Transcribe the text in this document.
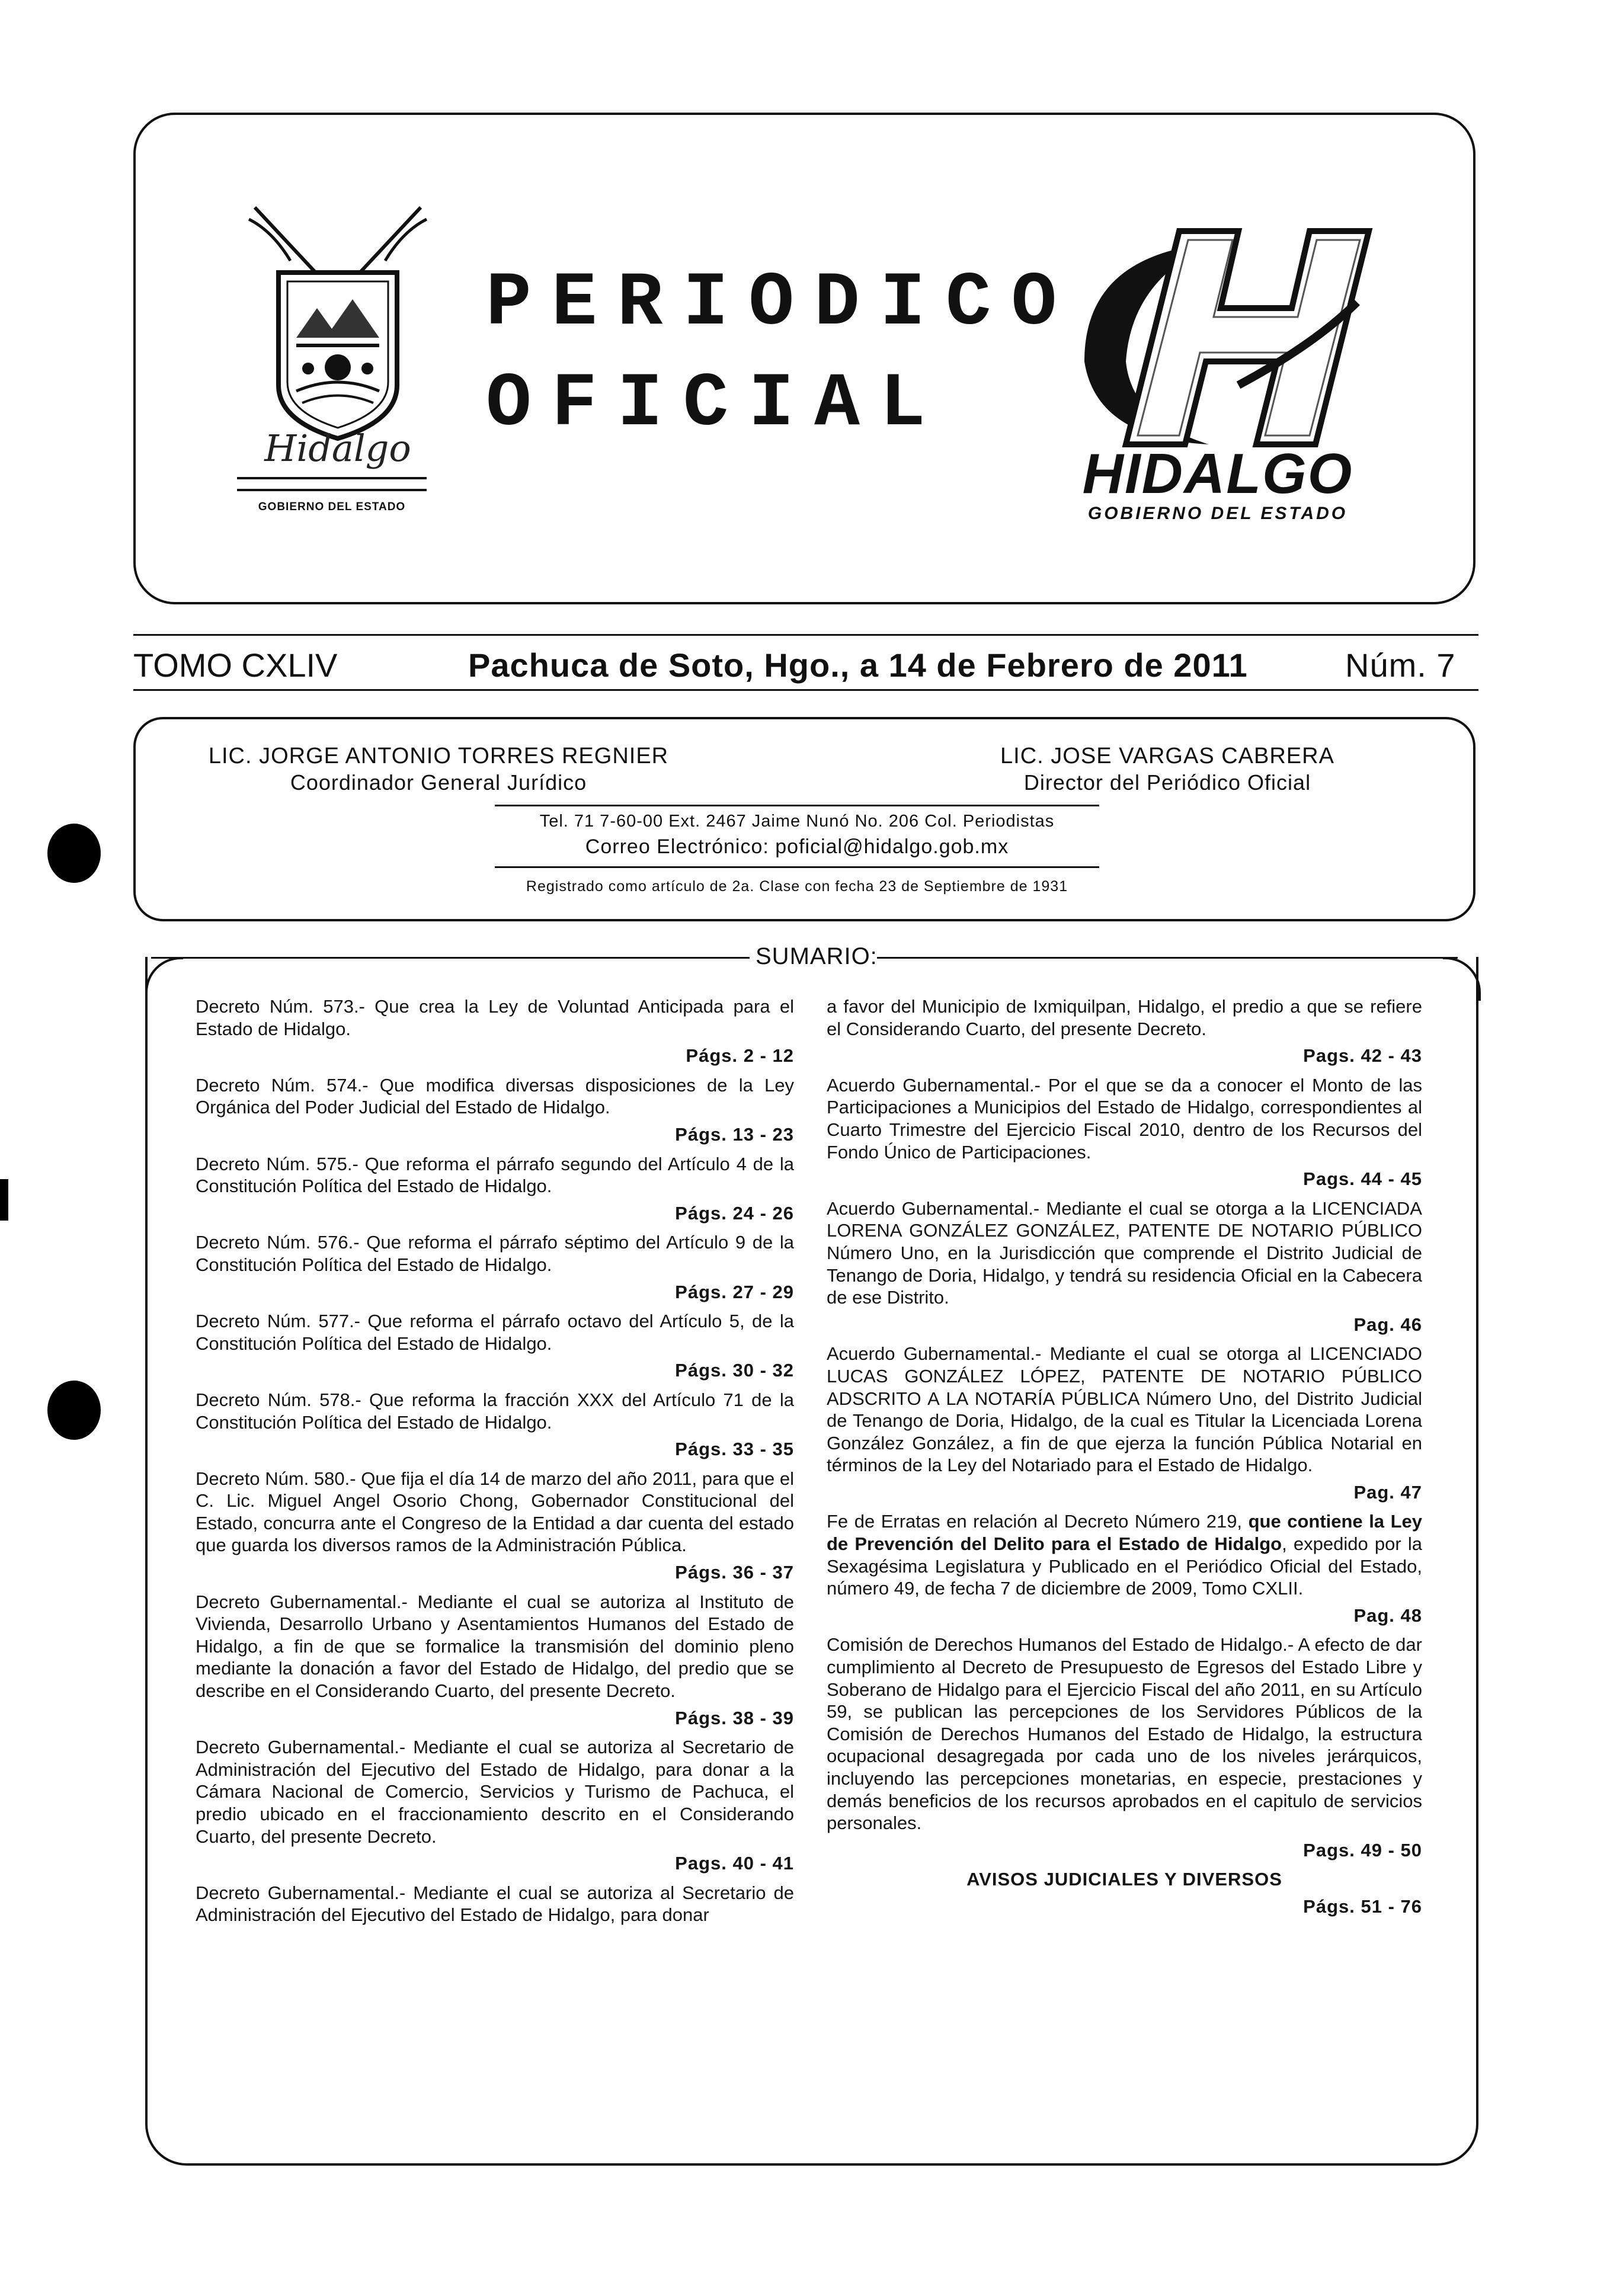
Hidalgo
GOBIERNO DEL ESTADO
PERIODICO
OFICIAL
HIDALGO
GOBIERNO DEL ESTADO
TOMO CXLIV	Pachuca de Soto, Hgo., a 14 de Febrero de 2011	Núm. 7
LIC. JORGE ANTONIO TORRES REGNIER
Coordinador General Jurídico
LIC. JOSE VARGAS CABRERA
Director del Periódico Oficial
Tel. 71 7-60-00 Ext. 2467 Jaime Nunó No. 206 Col. Periodistas
Correo Electrónico: poficial@hidalgo.gob.mx
Registrado como artículo de 2a. Clase con fecha 23 de Septiembre de 1931
SUMARIO:
Decreto Núm. 573.- Que crea la Ley de Voluntad Anticipada para el Estado de Hidalgo.
Págs. 2 - 12
Decreto Núm. 574.- Que modifica diversas disposiciones de la Ley Orgánica del Poder Judicial del Estado de Hidalgo.
Págs. 13 - 23
Decreto Núm. 575.- Que reforma el párrafo segundo del Artículo 4 de la Constitución Política del Estado de Hidalgo.
Págs. 24 - 26
Decreto Núm. 576.- Que reforma el párrafo séptimo del Artículo 9 de la Constitución Política del Estado de Hidalgo.
Págs. 27 - 29
Decreto Núm. 577.- Que reforma el párrafo octavo del Artículo 5, de la Constitución Política del Estado de Hidalgo.
Págs. 30 - 32
Decreto Núm. 578.- Que reforma la fracción XXX del Artículo 71 de la Constitución Política del Estado de Hidalgo.
Págs. 33 - 35
Decreto Núm. 580.- Que fija el día 14 de marzo del año 2011, para que el C. Lic. Miguel Angel Osorio Chong, Gobernador Constitucional del Estado, concurra ante el Congreso de la Entidad a dar cuenta del estado que guarda los diversos ramos de la Administración Pública.
Págs. 36 - 37
Decreto Gubernamental.- Mediante el cual se autoriza al Instituto de Vivienda, Desarrollo Urbano y Asentamientos Humanos del Estado de Hidalgo, a fin de que se formalice la transmisión del dominio pleno mediante la donación a favor del Estado de Hidalgo, del predio que se describe en el Considerando Cuarto, del presente Decreto.
Págs. 38 - 39
Decreto Gubernamental.- Mediante el cual se autoriza al Secretario de Administración del Ejecutivo del Estado de Hidalgo, para donar a la Cámara Nacional de Comercio, Servicios y Turismo de Pachuca, el predio ubicado en el fraccionamiento descrito en el Considerando Cuarto, del presente Decreto.
Pags. 40 - 41
Decreto Gubernamental.- Mediante el cual se autoriza al Secretario de Administración del Ejecutivo del Estado de Hidalgo, para donar
a favor del Municipio de Ixmiquilpan, Hidalgo, el predio a que se refiere el Considerando Cuarto, del presente Decreto.
Pags. 42 - 43
Acuerdo Gubernamental.- Por el que se da a conocer el Monto de las Participaciones a Municipios del Estado de Hidalgo, correspondientes al Cuarto Trimestre del Ejercicio Fiscal 2010, dentro de los Recursos del Fondo Único de Participaciones.
Pags. 44 - 45
Acuerdo Gubernamental.- Mediante el cual se otorga a la LICENCIADA LORENA GONZÁLEZ GONZÁLEZ, PATENTE DE NOTARIO PÚBLICO Número Uno, en la Jurisdicción que comprende el Distrito Judicial de Tenango de Doria, Hidalgo, y tendrá su residencia Oficial en la Cabecera de ese Distrito.
Pag. 46
Acuerdo Gubernamental.- Mediante el cual se otorga al LICENCIADO LUCAS GONZÁLEZ LÓPEZ, PATENTE DE NOTARIO PÚBLICO ADSCRITO A LA NOTARÍA PÚBLICA Número Uno, del Distrito Judicial de Tenango de Doria, Hidalgo, de la cual es Titular la Licenciada Lorena González González, a fin de que ejerza la función Pública Notarial en términos de la Ley del Notariado para el Estado de Hidalgo.
Pag. 47
Fe de Erratas en relación al Decreto Número 219, que contiene la Ley de Prevención del Delito para el Estado de Hidalgo, expedido por la Sexagésima Legislatura y Publicado en el Periódico Oficial del Estado, número 49, de fecha 7 de diciembre de 2009, Tomo CXLII.
Pag. 48
Comisión de Derechos Humanos del Estado de Hidalgo.- A efecto de dar cumplimiento al Decreto de Presupuesto de Egresos del Estado Libre y Soberano de Hidalgo para el Ejercicio Fiscal del año 2011, en su Artículo 59, se publican las percepciones de los Servidores Públicos de la Comisión de Derechos Humanos del Estado de Hidalgo, la estructura ocupacional desagregada por cada uno de los niveles jerárquicos, incluyendo las percepciones monetarias, en especie, prestaciones y demás beneficios de los recursos aprobados en el capitulo de servicios personales.
Pags. 49 - 50
AVISOS JUDICIALES Y DIVERSOS
Págs. 51 - 76
